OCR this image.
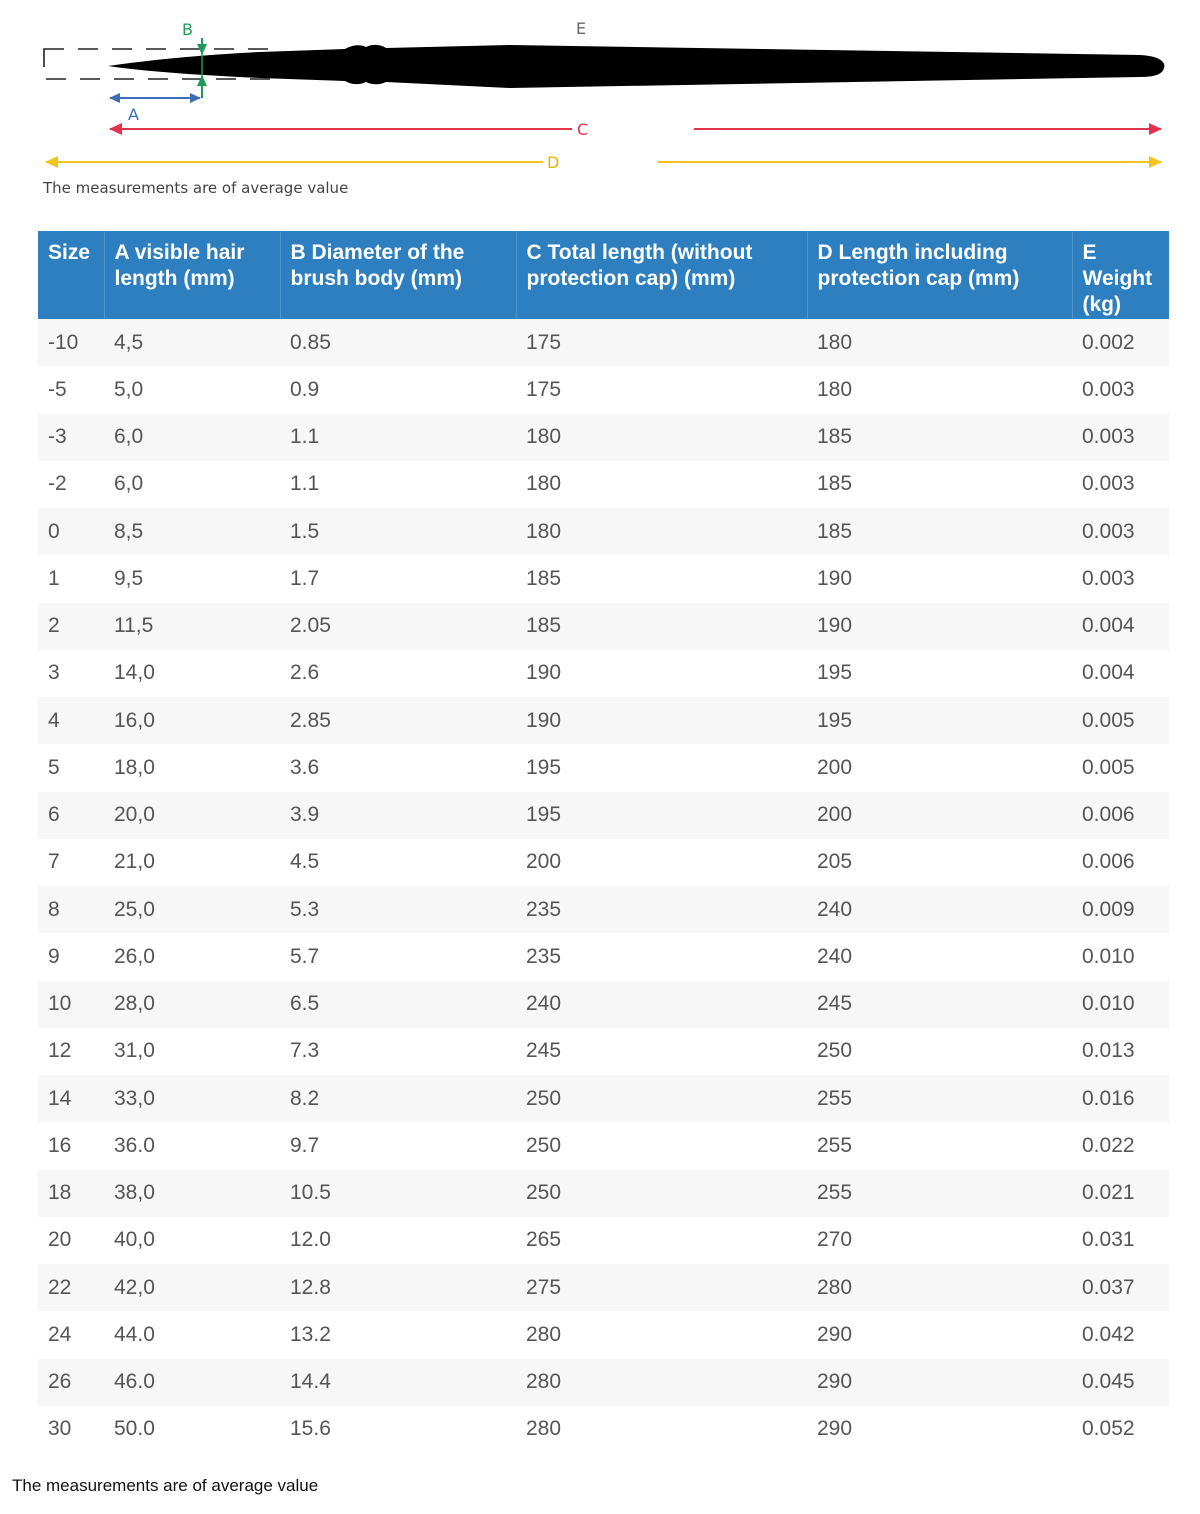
B
A
E
C
D

The measurements are of average value

Size	A visible hair length (mm)	B Diameter of the brush body (mm)	C Total length (without protection cap) (mm)	D Length including protection cap (mm)	E Weight (kg)
-10	4,5	0.85	175	180	0.002
-5	5,0	0.9	175	180	0.003
-3	6,0	1.1	180	185	0.003
-2	6,0	1.1	180	185	0.003
0	8,5	1.5	180	185	0.003
1	9,5	1.7	185	190	0.003
2	11,5	2.05	185	190	0.004
3	14,0	2.6	190	195	0.004
4	16,0	2.85	190	195	0.005
5	18,0	3.6	195	200	0.005
6	20,0	3.9	195	200	0.006
7	21,0	4.5	200	205	0.006
8	25,0	5.3	235	240	0.009
9	26,0	5.7	235	240	0.010
10	28,0	6.5	240	245	0.010
12	31,0	7.3	245	250	0.013
14	33,0	8.2	250	255	0.016
16	36.0	9.7	250	255	0.022
18	38,0	10.5	250	255	0.021
20	40,0	12.0	265	270	0.031
22	42,0	12.8	275	280	0.037
24	44.0	13.2	280	290	0.042
26	46.0	14.4	280	290	0.045
30	50.0	15.6	280	290	0.052

The measurements are of average value
